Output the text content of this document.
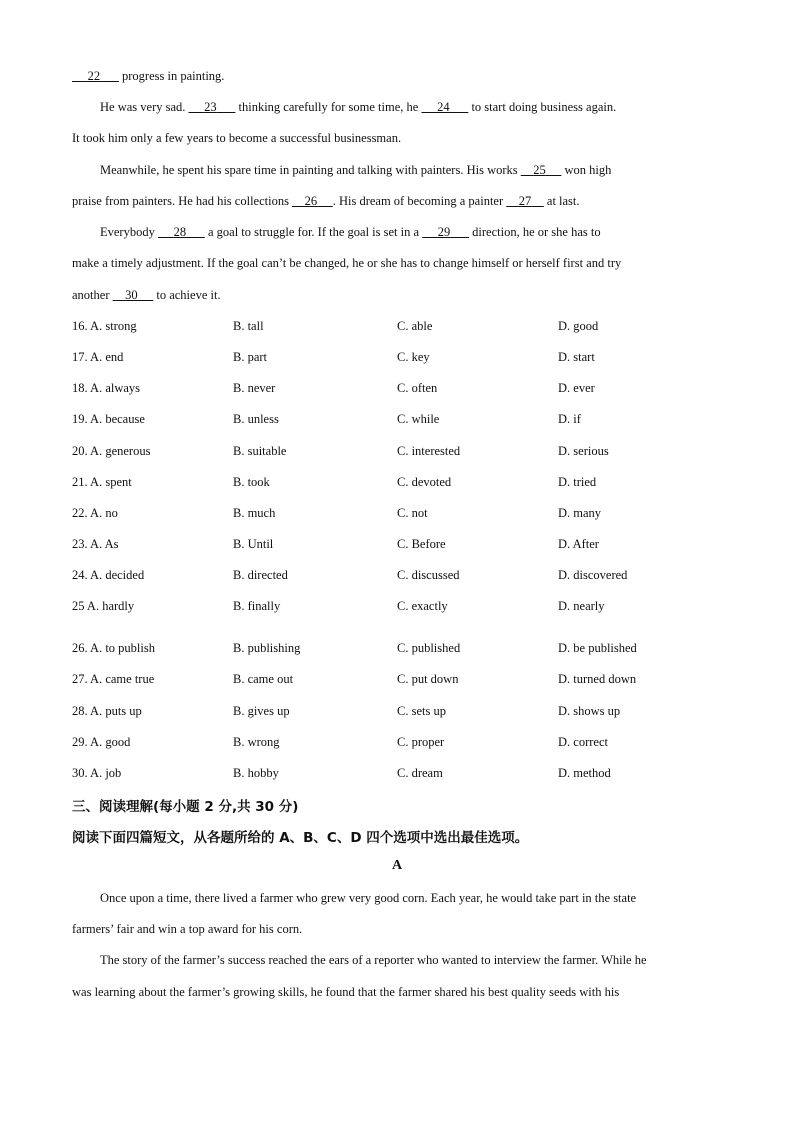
22       progress in painting.
He was very sad.      23       thinking carefully for some time, he      24       to start doing business again.
It took him only a few years to become a successful businessman.
Meanwhile, he spent his spare time in painting and talking with painters. His works     25      won high
praise from painters. He had his collections     26 . His dream of becoming a painter     27     at last.
Everybody      28       a goal to struggle for. If the goal is set in a      29       direction, he or she has to
make a timely adjustment. If the goal can’t be changed, he or she has to change himself or herself first and try
another     30      to achieve it.
16. A. strong	B. tall	C. able	D. good
17. A. end	B. part	C. key	D. start
18. A. always	B. never	C. often	D. ever
19. A. because	B. unless	C. while	D. if
20. A. generous	B. suitable	C. interested	D. serious
21. A. spent	B. took	C. devoted	D. tried
22. A. no	B. much	C. not	D. many
23. A. As	B. Until	C. Before	D. After
24. A. decided	B. directed	C. discussed	D. discovered
25 A. hardly	B. finally	C. exactly	D. nearly
26. A. to publish	B. publishing	C. published	D. be published
27. A. came true	B. came out	C. put down	D. turned down
28. A. puts up	B. gives up	C. sets up	D. shows up
29. A. good	B. wrong	C. proper	D. correct
30. A. job	B. hobby	C. dream	D. method
三、阅读理解(每小题 2 分,共 30 分)
阅读下面四篇短文，从各题所给的 A、B、C、D 四个选项中选出最佳选项。
A
Once upon a time, there lived a farmer who grew very good corn. Each year, he would take part in the state
farmers’ fair and win a top award for his corn.
The story of the farmer’s success reached the ears of a reporter who wanted to interview the farmer. While he
was learning about the farmer’s growing skills, he found that the farmer shared his best quality seeds with his
